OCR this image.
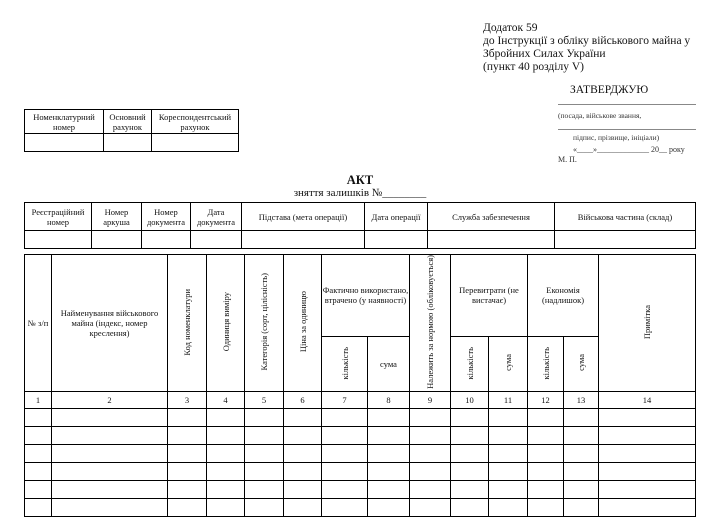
Додаток 59
до Інструкції з обліку військового майна у
Збройних Силах України
(пункт 40 розділу V)
ЗАТВЕРДЖУЮ
(посада, військове звання,
підпис, прізвище, ініціали)
«____»_____________ 20__ року
М. П.
Номенклатурний номер	Основний рахунок	Кореспондентський рахунок

АКТ
зняття залишків №________
Реєстраційний номер	Номер аркуша	Номер документа	Дата документа	Підстава (мета операції)	Дата операції	Служба забезпечення	Військова частина (склад)

№ з/п	Найменування військового майна (індекс, номер креслення)	Код номенклатури	Одиниця виміру	Категорія (сорт, цілісність)	Ціна за одиницю	Фактично використано, втрачено (у наявності)		Належить за нормою (обліковується)	Перевитрати (не вистачає)		Економія (надлишок)		Примітка
						кількість	сума		кількість	сума	кількість	сума	
1	2	3	4	5	6	7	8	9	10	11	12	13	14
